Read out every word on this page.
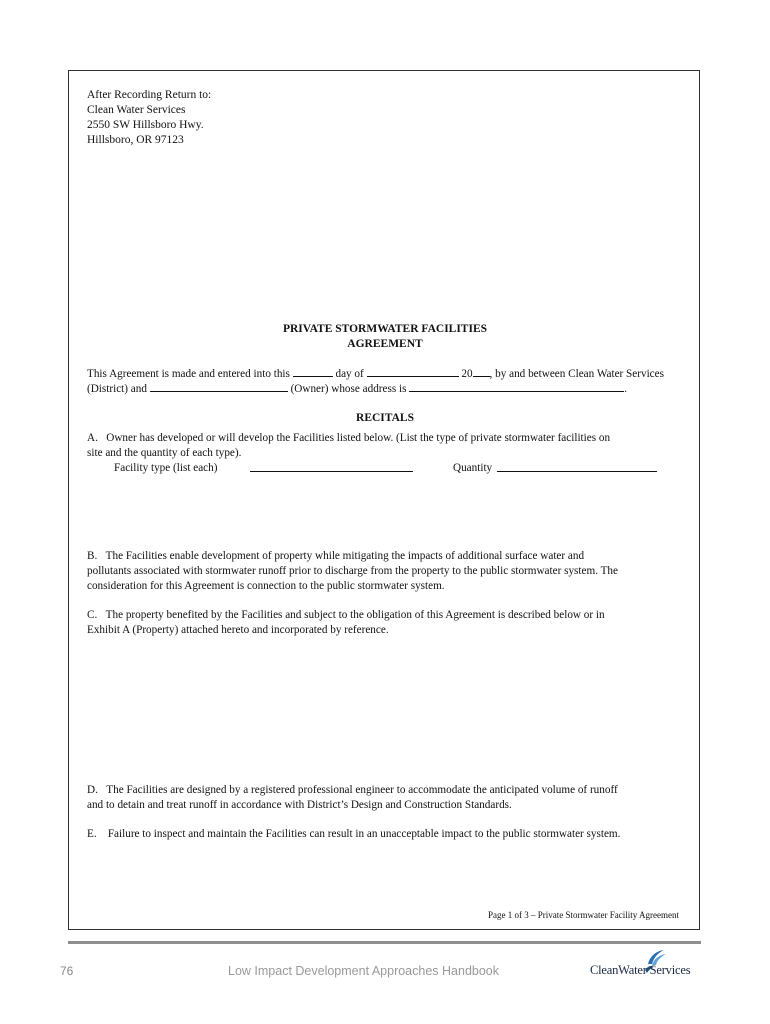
After Recording Return to:
Clean Water Services
2550 SW Hillsboro Hwy.
Hillsboro, OR 97123
PRIVATE STORMWATER FACILITIES
AGREEMENT
This Agreement is made and entered into this	day of	20 , by and between Clean Water Services
(District) and	(Owner) whose address is	.
RECITALS
A.   Owner has developed or will develop the Facilities listed below. (List the type of private stormwater facilities on
site and the quantity of each type).
Facility type (list each)	Quantity
B.   The Facilities enable development of property while mitigating the impacts of additional surface water and
pollutants associated with stormwater runoff prior to discharge from the property to the public stormwater system. The
consideration for this Agreement is connection to the public stormwater system.
C.   The property benefited by the Facilities and subject to the obligation of this Agreement is described below or in
Exhibit A (Property) attached hereto and incorporated by reference.
D.   The Facilities are designed by a registered professional engineer to accommodate the anticipated volume of runoff
and to detain and treat runoff in accordance with District’s Design and Construction Standards.
E.    Failure to inspect and maintain the Facilities can result in an unacceptable impact to the public stormwater system.
Page 1 of 3 – Private Stormwater Facility Agreement
76	Low Impact Development Approaches Handbook	CleanWater Services
